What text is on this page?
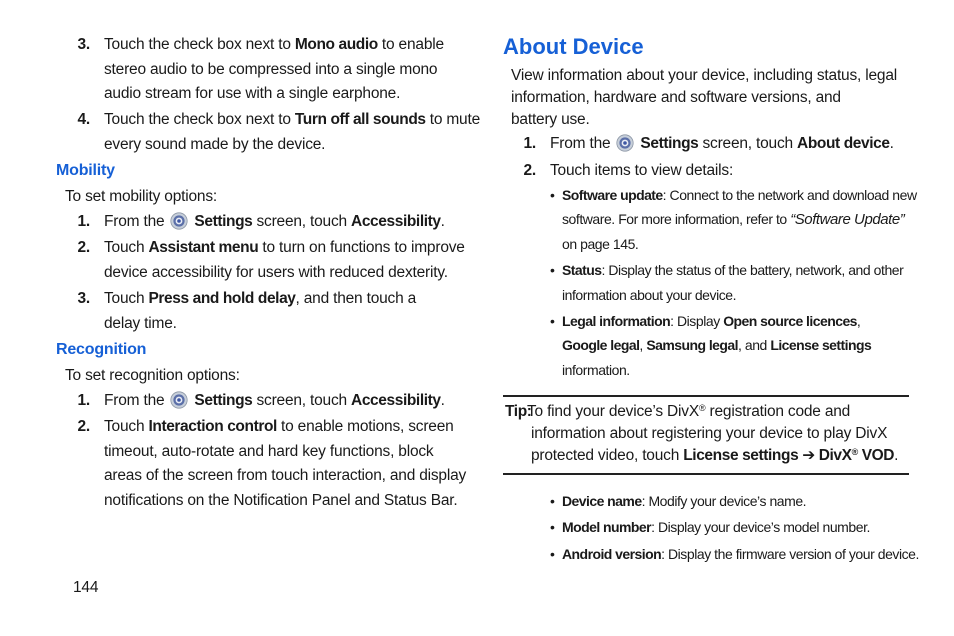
3. Touch the check box next to Mono audio to enable
stereo audio to be compressed into a single mono
audio stream for use with a single earphone.
4. Touch the check box next to Turn off all sounds to mute
every sound made by the device.
Mobility
To set mobility options:
1. From the Settings screen, touch Accessibility.
2. Touch Assistant menu to turn on functions to improve
device accessibility for users with reduced dexterity.
3. Touch Press and hold delay, and then touch a
delay time.
Recognition
To set recognition options:
1. From the Settings screen, touch Accessibility.
2. Touch Interaction control to enable motions, screen
timeout, auto-rotate and hard key functions, block
areas of the screen from touch interaction, and display
notifications on the Notification Panel and Status Bar.
144
About Device
View information about your device, including status, legal
information, hardware and software versions, and
battery use.
1. From the Settings screen, touch About device.
2. Touch items to view details:
• Software update: Connect to the network and download new
software. For more information, refer to “Software Update”
on page 145.
• Status: Display the status of the battery, network, and other
information about your device.
• Legal information: Display Open source licences,
Google legal, Samsung legal, and License settings
information.
Tip:
To find your device’s DivX® registration code and
information about registering your device to play DivX
protected video, touch License settings ➔ DivX® VOD.
• Device name: Modify your device’s name.
• Model number: Display your device’s model number.
• Android version: Display the firmware version of your device.
